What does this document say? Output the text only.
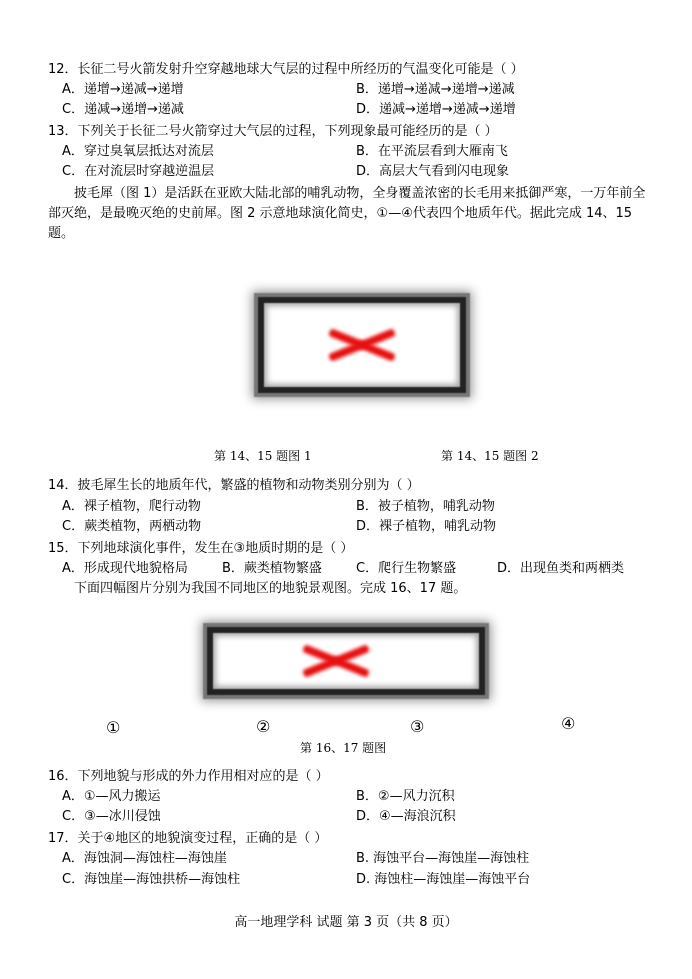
12．长征二号火箭发射升空穿越地球大气层的过程中所经历的气温变化可能是（ ）
A．递增→递减→递增	B．递增→递减→递增→递减
C．递减→递增→递减	D．递减→递增→递减→递增
13．下列关于长征二号火箭穿过大气层的过程，下列现象最可能经历的是（ ）
A．穿过臭氧层抵达对流层	B．在平流层看到大雁南飞
C．在对流层时穿越逆温层	D．高层大气看到闪电现象
披毛犀（图 1）是活跃在亚欧大陆北部的哺乳动物，全身覆盖浓密的长毛用来抵御严寒，一万年前全部灭绝，是最晚灭绝的史前犀。图 2 示意地球演化简史，①—④代表四个地质年代。据此完成 14、15 题。
第 14、15 题图 1	第 14、15 题图 2
14．披毛犀生长的地质年代，繁盛的植物和动物类别分别为（ ）
A．裸子植物，爬行动物	B．被子植物，哺乳动物
C．蕨类植物，两栖动物	D．裸子植物，哺乳动物
15．下列地球演化事件，发生在③地质时期的是（ ）
A．形成现代地貌格局	B．蕨类植物繁盛	C．爬行生物繁盛	D．出现鱼类和两栖类
下面四幅图片分别为我国不同地区的地貌景观图。完成 16、17 题。
①	②	③	④
第 16、17 题图
16．下列地貌与形成的外力作用相对应的是（ ）
A．①—风力搬运	B．②—风力沉积
C．③—冰川侵蚀	D．④—海浪沉积
17．关于④地区的地貌演变过程，正确的是（ ）
A．海蚀洞—海蚀柱—海蚀崖	B. 海蚀平台—海蚀崖—海蚀柱
C．海蚀崖—海蚀拱桥—海蚀柱	D. 海蚀柱—海蚀崖—海蚀平台
高一地理学科 试题 第 3 页（共 8 页）
